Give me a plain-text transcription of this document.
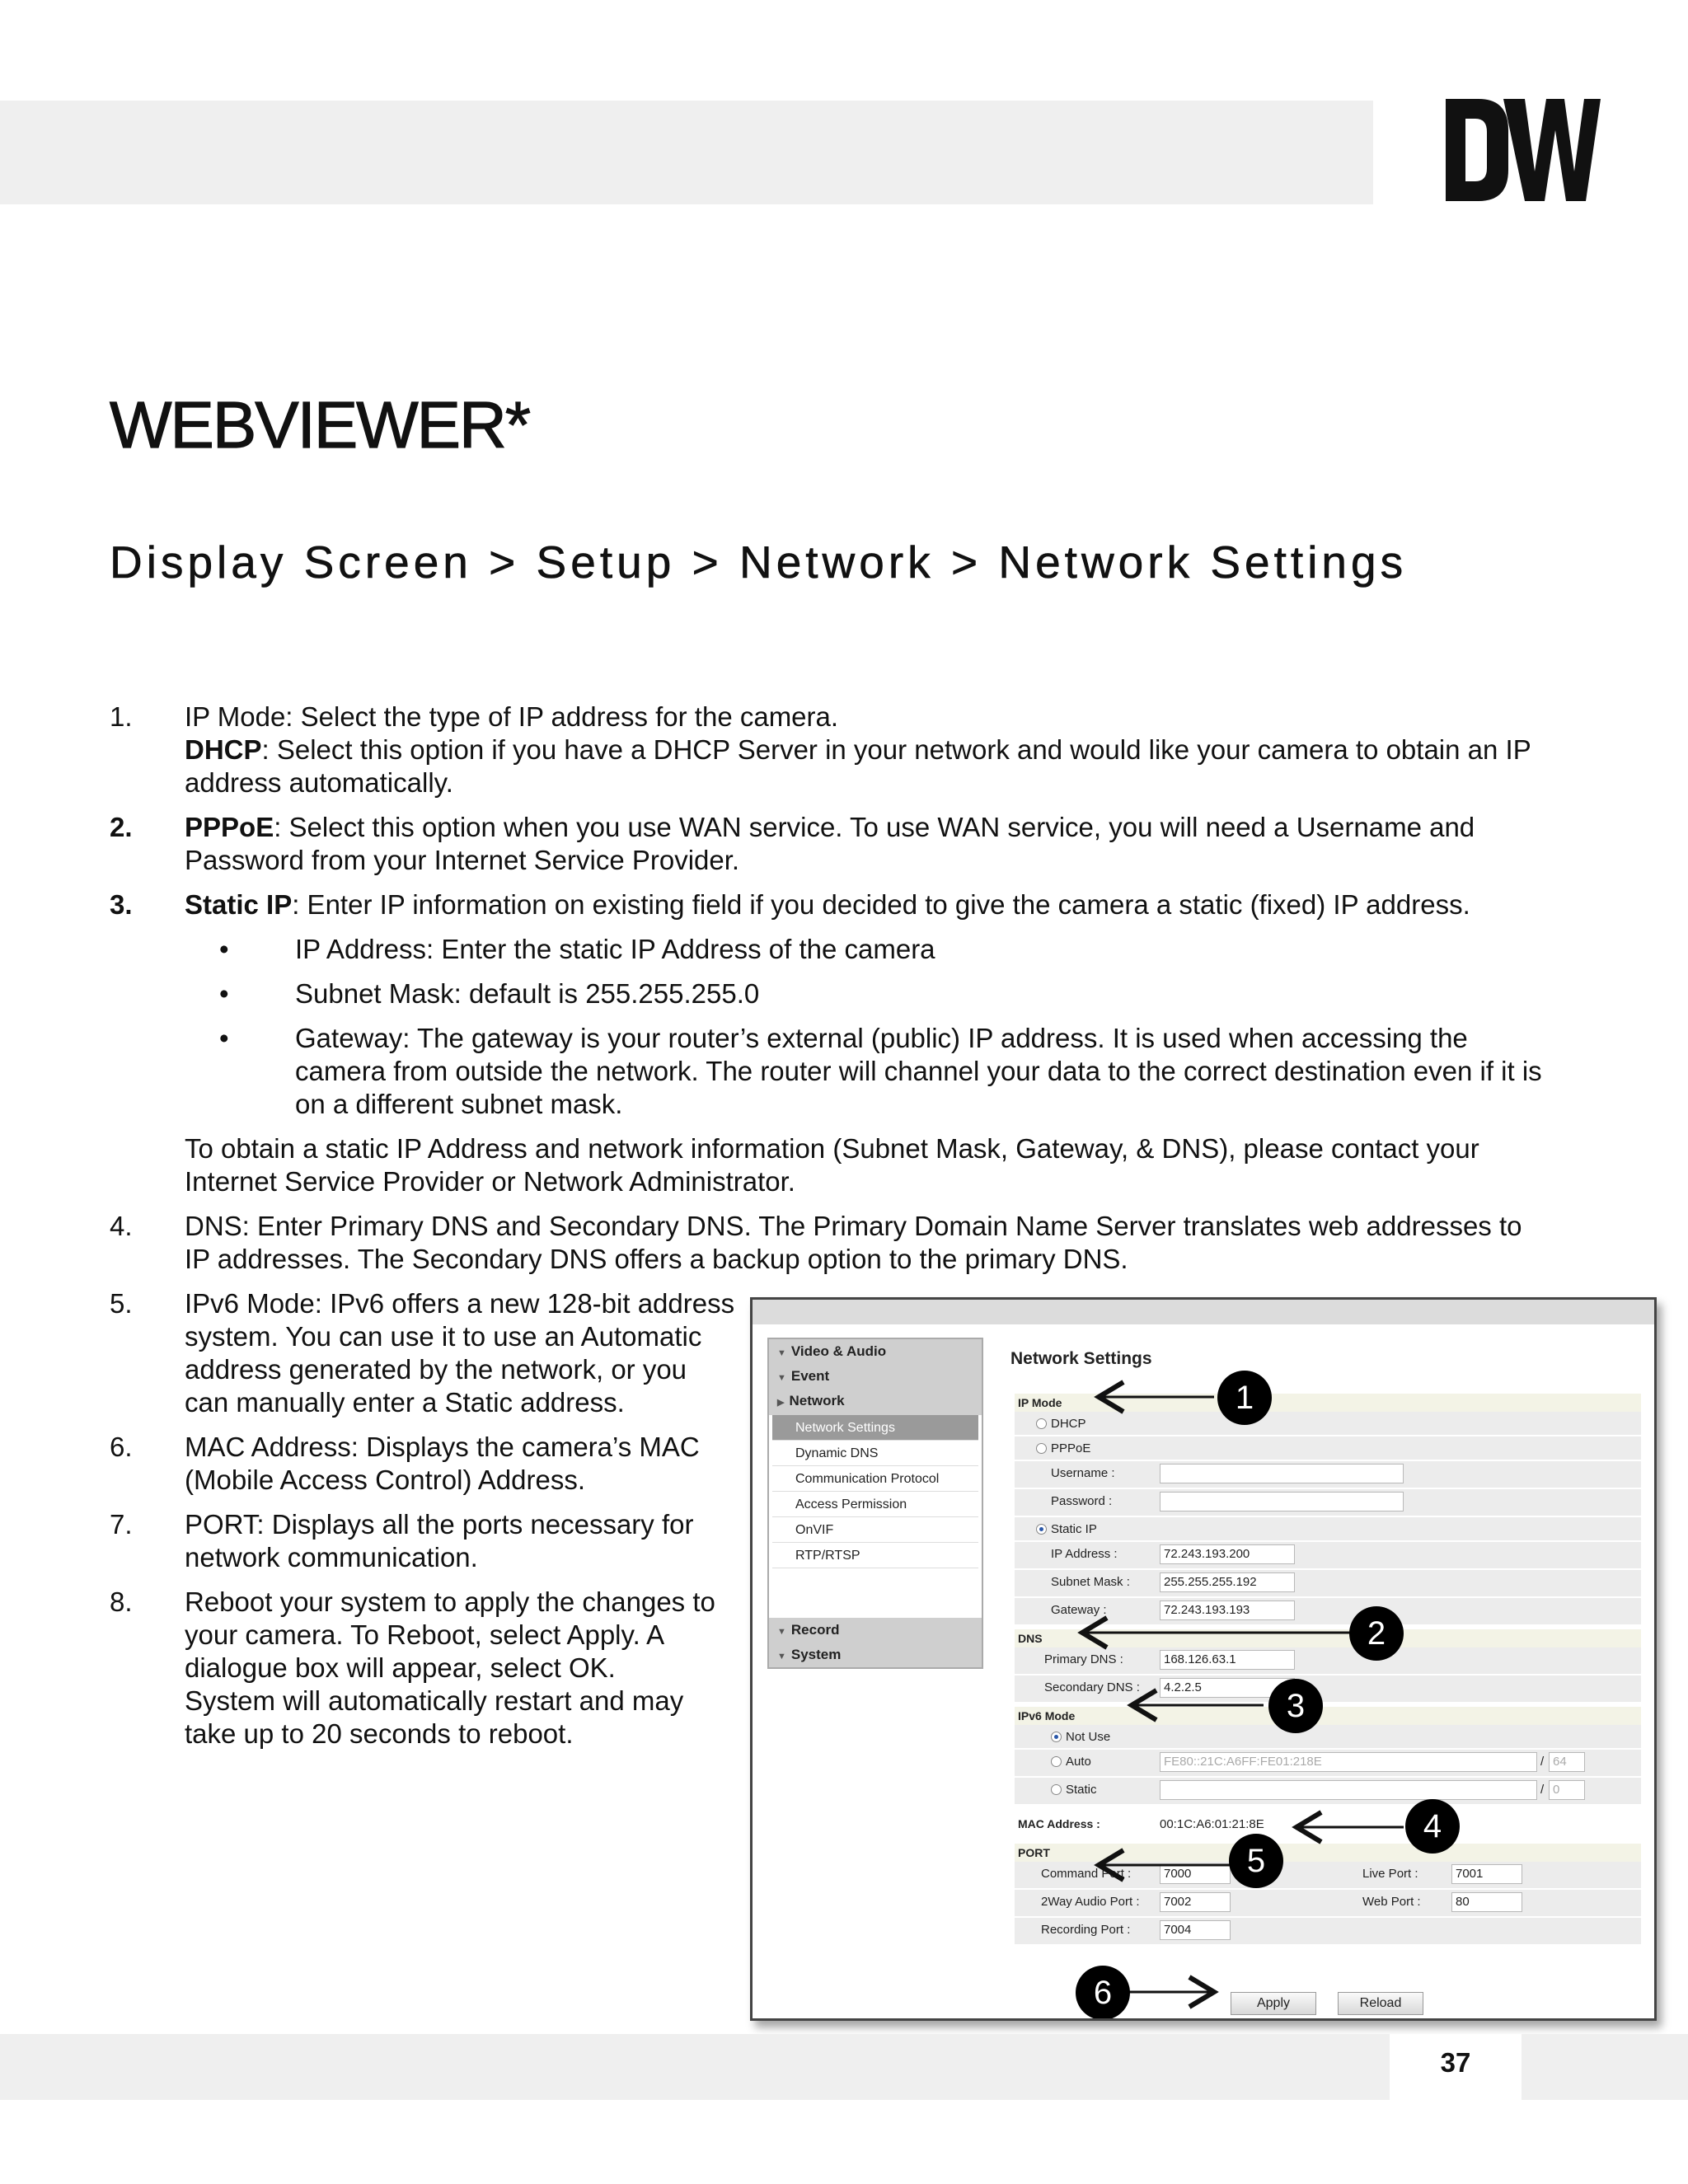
WEBVIEWER*
Display Screen > Setup > Network > Network Settings
1. IP Mode: Select the type of IP address for the camera.
DHCP: Select this option if you have a DHCP Server in your network and would like your camera to obtain an IP
address automatically.
2. PPPoE: Select this option when you use WAN service. To use WAN service, you will need a Username and
Password from your Internet Service Provider.
3. Static IP: Enter IP information on existing field if you decided to give the camera a static (fixed) IP address.
• IP Address: Enter the static IP Address of the camera
• Subnet Mask: default is 255.255.255.0
• Gateway: The gateway is your router’s external (public) IP address. It is used when accessing the
camera from outside the network. The router will channel your data to the correct destination even if it is
on a different subnet mask.
To obtain a static IP Address and network information (Subnet Mask, Gateway, & DNS), please contact your
Internet Service Provider or Network Administrator.
4. DNS: Enter Primary DNS and Secondary DNS. The Primary Domain Name Server translates web addresses to
IP addresses. The Secondary DNS offers a backup option to the primary DNS.
5. IPv6 Mode: IPv6 offers a new 128-bit address
system. You can use it to use an Automatic
address generated by the network, or you
can manually enter a Static address.
6. MAC Address: Displays the camera’s MAC
(Mobile Access Control) Address.
7. PORT: Displays all the ports necessary for
network communication.
8. Reboot your system to apply the changes to
your camera. To Reboot, select Apply. A
dialogue box will appear, select OK.
System will automatically restart and may
take up to 20 seconds to reboot.
▼ Video & Audio
▼ Event
▶ Network
Network Settings
Dynamic DNS
Communication Protocol
Access Permission
OnVIF
RTP/RTSP
▼ Record
▼ System
Network Settings
IP Mode
DHCP
PPPoE
Username :
Password :
Static IP
IP Address :	72.243.193.200
Subnet Mask :	255.255.255.192
Gateway :	72.243.193.193
DNS
Primary DNS :	168.126.63.1
Secondary DNS :	4.2.2.5
IPv6 Mode
Not Use
Auto	FE80::21C:A6FF:FE01:218E	/ 64
Static	/ 0
MAC Address :	00:1C:A6:01:21:8E
PORT
Command Port :	7000	Live Port :	7001
2Way Audio Port :	7002	Web Port :	80
Recording Port :	7004
Apply	Reload
1
2
3
4
5
6
37
